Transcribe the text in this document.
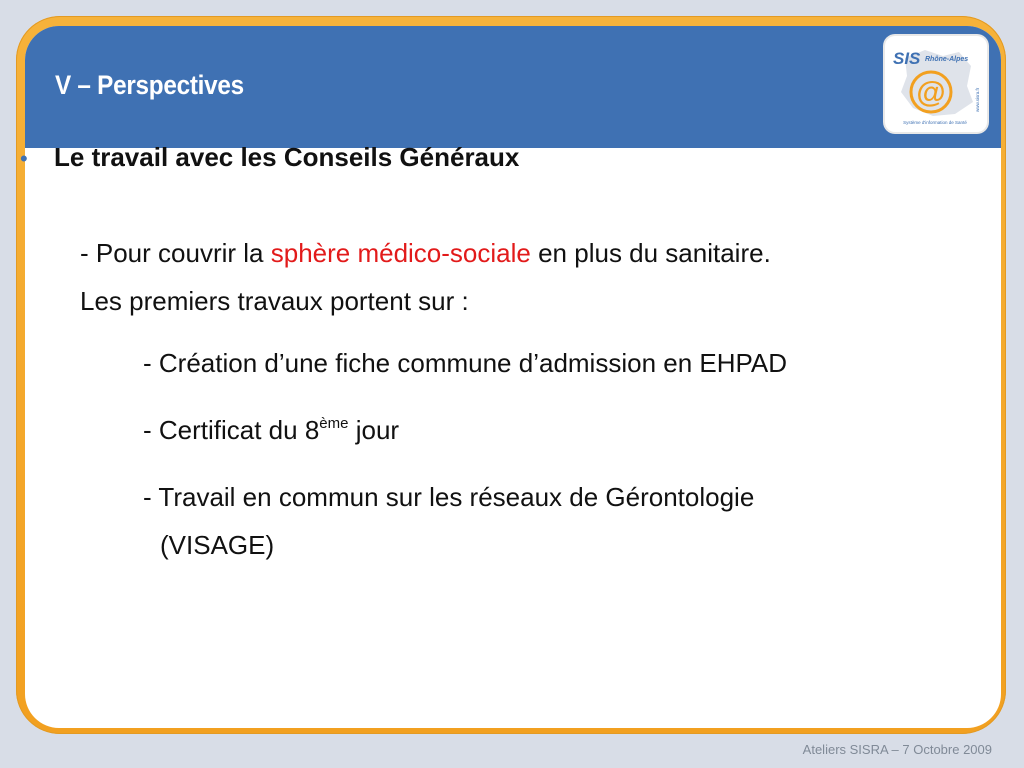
V – Perspectives	@
SIS Rhône-Alpes
Système d'information de Santé
www.sisra.fr
• Le travail avec les Conseils Généraux

- Pour couvrir la sphère médico-sociale en plus du sanitaire.

Les premiers travaux portent sur :

- Création d’une fiche commune d’admission en EHPAD

- Certificat du 8ème jour

- Travail en commun sur les réseaux de Gérontologie

(VISAGE)

Ateliers SISRA – 7 Octobre 2009
